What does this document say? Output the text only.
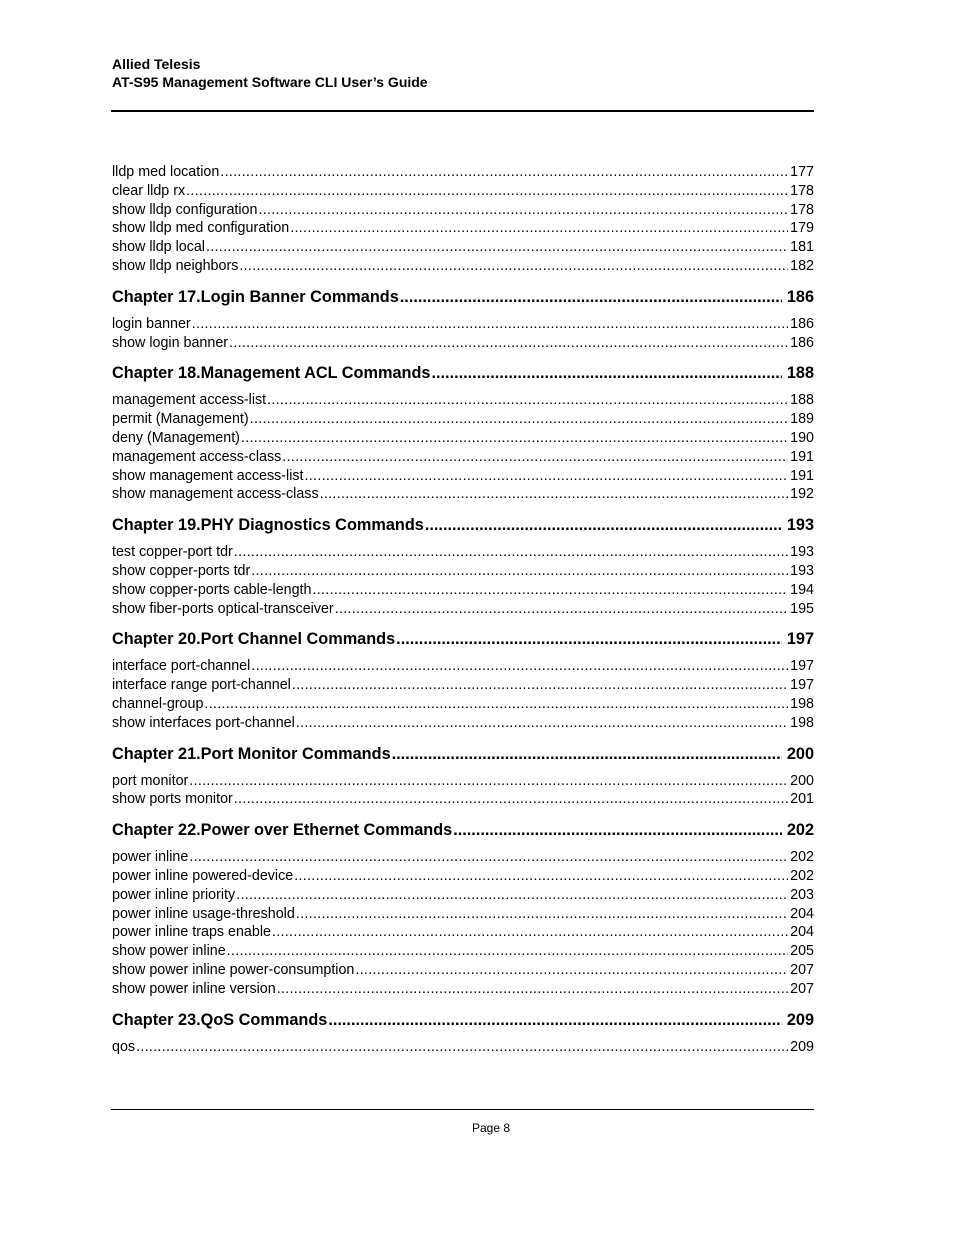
Allied Telesis
AT-S95 Management Software CLI User’s Guide
lldp med location .....	177
clear lldp rx .....	178
show lldp configuration .....	178
show lldp med configuration .....	179
show lldp local .....	181
show lldp neighbors .....	182
Chapter 17.Login Banner Commands .....	186
login banner .....	186
show login banner .....	186
Chapter 18.Management ACL Commands .....	188
management access-list .....	188
permit (Management) .....	189
deny (Management) .....	190
management access-class .....	191
show management access-list .....	191
show management access-class .....	192
Chapter 19.PHY Diagnostics Commands .....	193
test copper-port tdr .....	193
show copper-ports tdr .....	193
show copper-ports cable-length .....	194
show fiber-ports optical-transceiver .....	195
Chapter 20.Port Channel Commands .....	197
interface port-channel .....	197
interface range port-channel .....	197
channel-group .....	198
show interfaces port-channel .....	198
Chapter 21.Port Monitor Commands .....	200
port monitor .....	200
show ports monitor .....	201
Chapter 22.Power over Ethernet Commands .....	202
power inline .....	202
power inline powered-device .....	202
power inline priority .....	203
power inline usage-threshold .....	204
power inline traps enable .....	204
show power inline .....	205
show power inline power-consumption .....	207
show power inline version .....	207
Chapter 23.QoS Commands .....	209
qos .....	209
Page 8
